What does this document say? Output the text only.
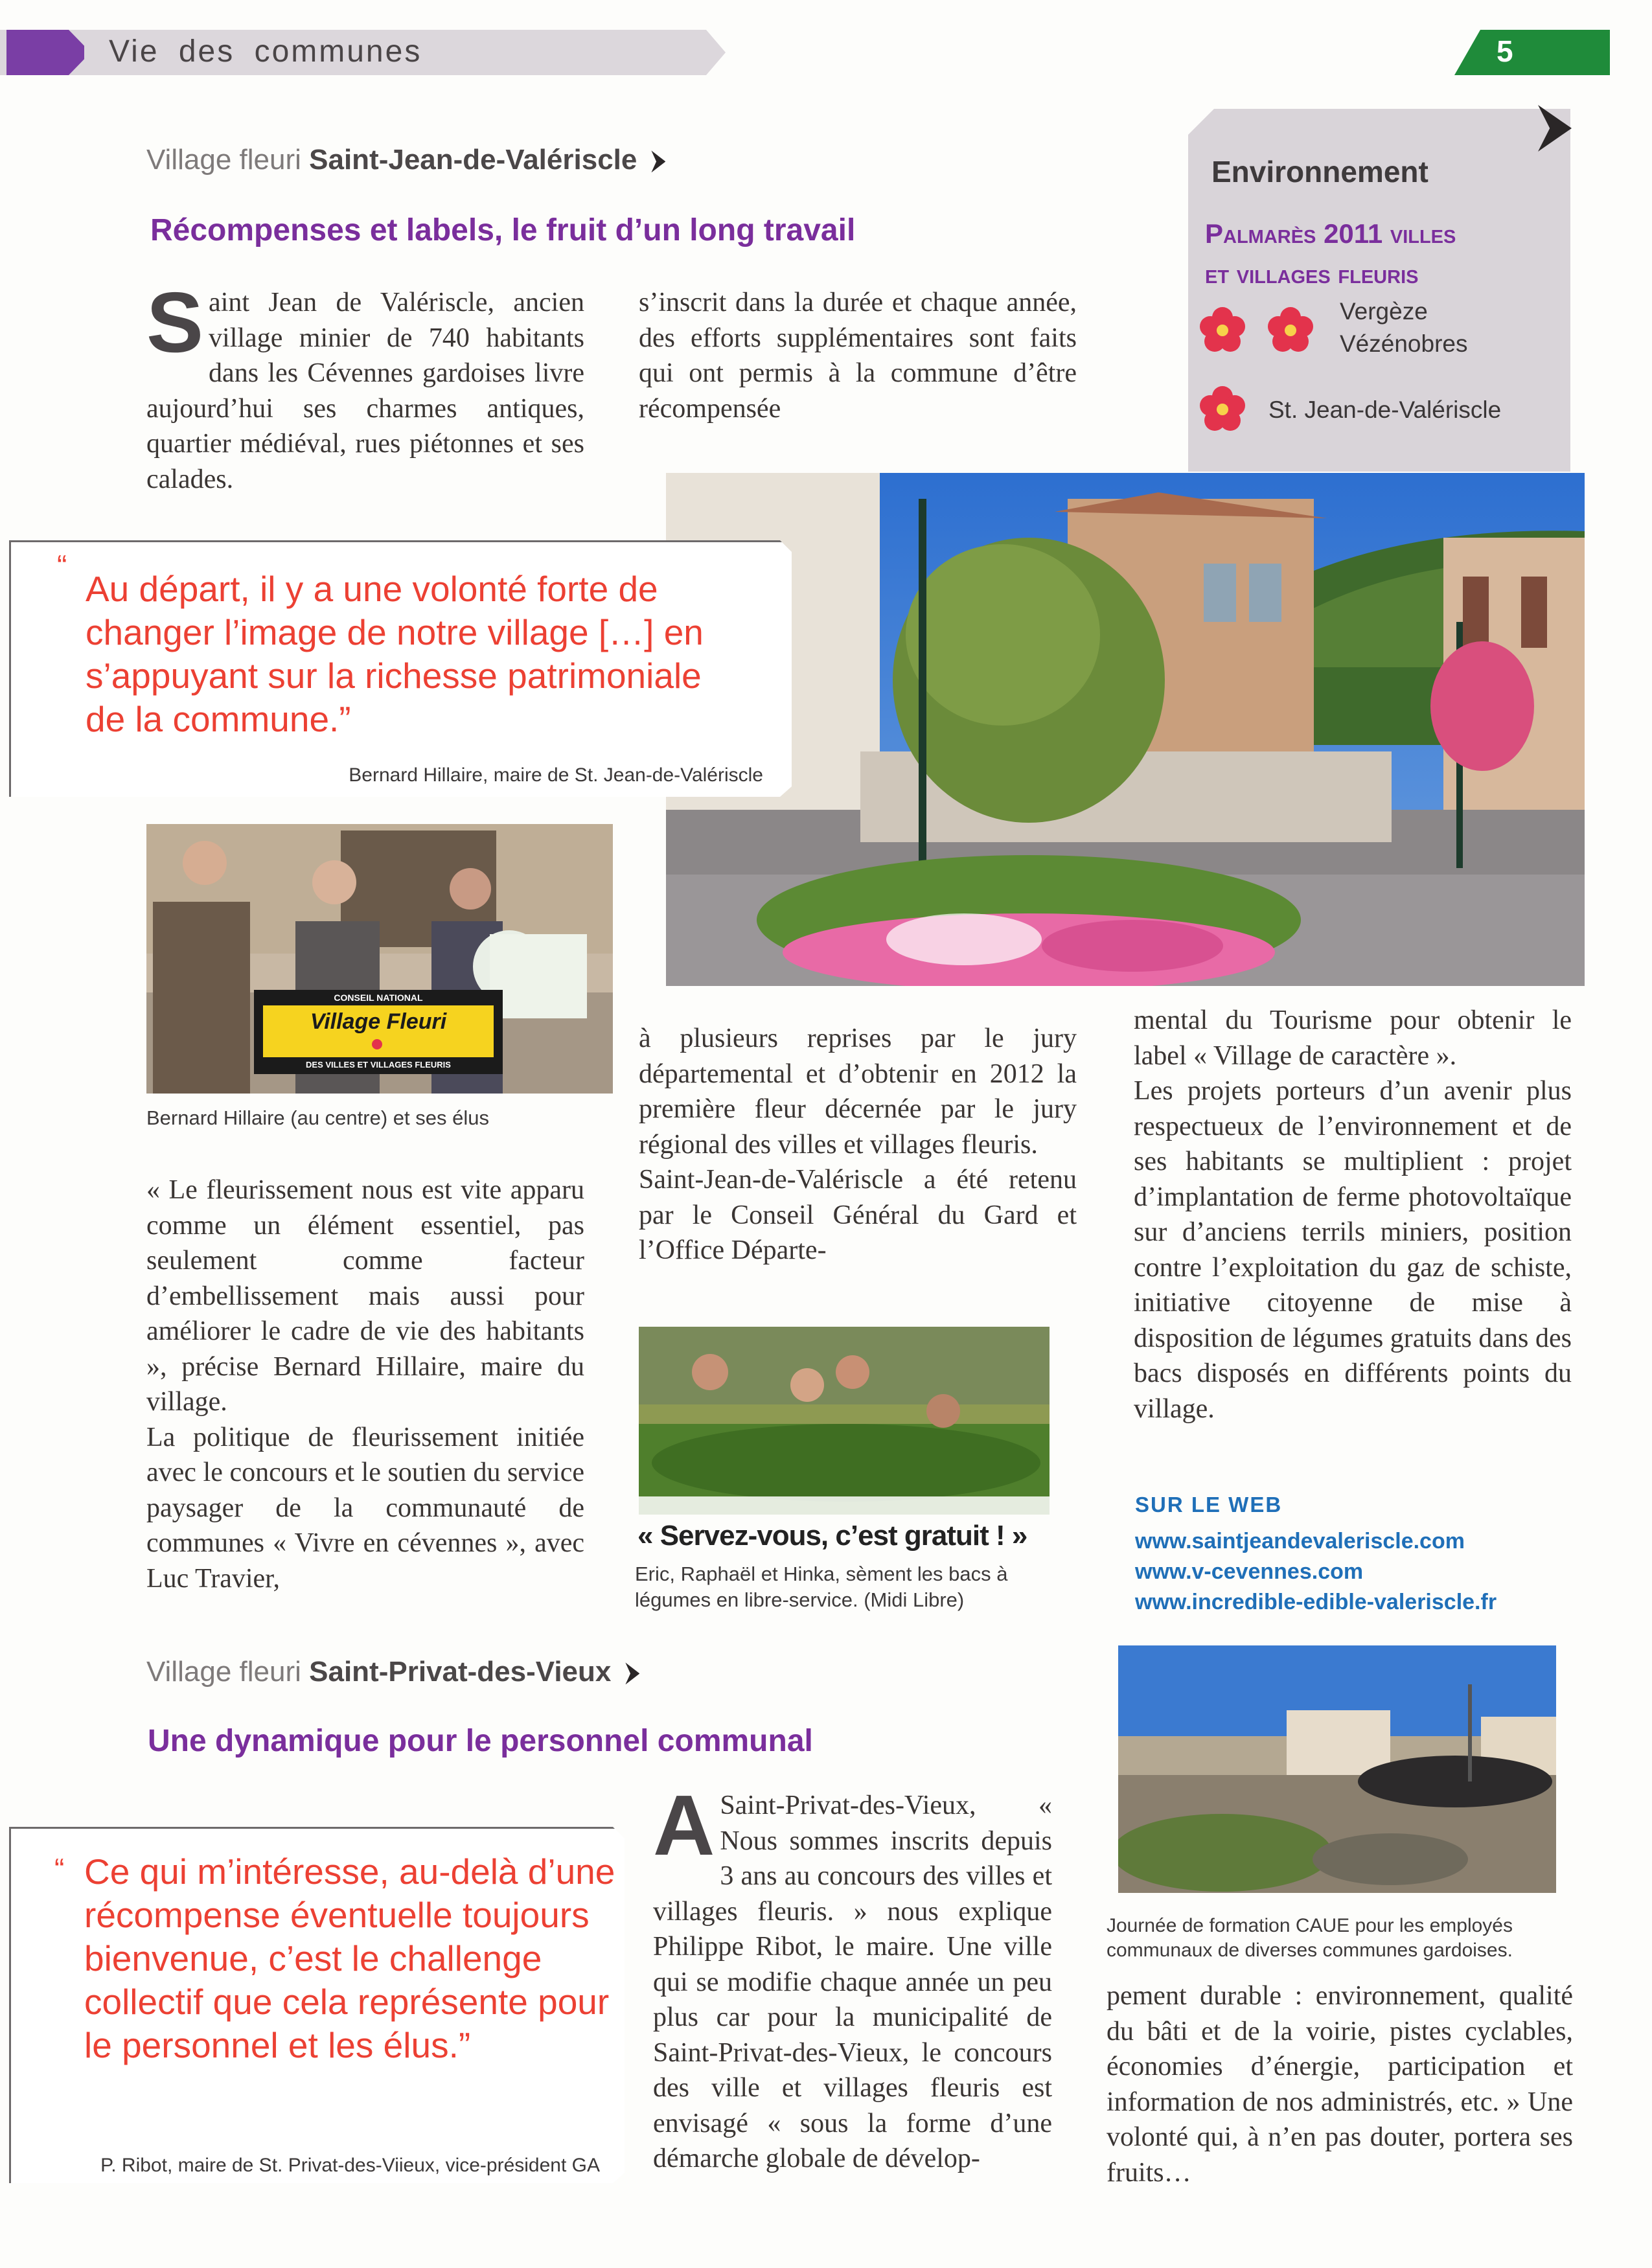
Vie des communes	5
Village fleuri Saint-Jean-de-Valériscle
Récompenses et labels, le fruit d’un long travail
S aint Jean de Valériscle, ancien village minier de 740 habitants dans les Cévennes gardoises livre aujourd’hui ses charmes antiques, quartier médiéval, rues piétonnes et ses calades.
s’inscrit dans la durée et chaque année, des efforts supplémentaires sont faits qui ont permis à la commune d’être récompensée
Environnement
Palmarès 2011 villes
et villages fleuris
Vergèze
Vézénobres
St. Jean-de-Valériscle
“
Au départ, il y a une volonté forte de changer l’image de notre village […] en s’appuyant sur la richesse patrimoniale de la commune.”
Bernard Hillaire, maire de St. Jean-de-Valériscle
CONSEIL NATIONAL
Village Fleuri
DES VILLES ET VILLAGES FLEURIS
Bernard Hillaire (au centre) et ses élus

« Le fleurissement nous est vite apparu comme un élément essentiel, pas seulement comme facteur d’embellissement mais aussi pour améliorer le cadre de vie des habitants », précise Bernard Hillaire, maire du village.

La politique de fleurissement initiée avec le concours et le soutien du service paysager de la communauté de communes « Vivre en cévennes », avec Luc Travier,

à plusieurs reprises par le jury départemental et d’obtenir en 2012 la première fleur décernée par le jury régional des villes et villages fleuris.

Saint-Jean-de-Valériscle a été retenu par le Conseil Général du Gard et l’Office Départe-

« Servez-vous, c’est gratuit ! »
Eric, Raphaël et Hinka, sèment les bacs à légumes en libre-service. (Midi Libre)

mental du Tourisme pour obtenir le label « Village de caractère ».

Les projets porteurs d’un avenir plus respectueux de l’environnement et de ses habitants se multiplient : projet d’implantation de ferme photovoltaïque sur d’anciens terrils miniers, position contre l’exploitation du gaz de schiste, initiative citoyenne de mise à disposition de légumes gratuits dans des bacs disposés en différents points du village.

SUR LE WEB
www.saintjeandevaleriscle.com
www.v-cevennes.com
www.incredible-edible-valeriscle.fr
Village fleuri Saint-Privat-des-Vieux
Une dynamique pour le personnel communal
“ Ce qui m’intéresse, au-delà d’une récompense éventuelle toujours bienvenue, c’est le challenge collectif que cela représente pour le personnel et les élus.”
P. Ribot, maire de St. Privat-des-Viieux, vice-président GA
A Saint-Privat-des-Vieux, « Nous sommes inscrits depuis 3 ans au concours des villes et villages fleuris. » nous explique Philippe Ribot, le maire. Une ville qui se modifie chaque année un peu plus car pour la municipalité de Saint-Privat-des-Vieux, le concours des ville et villages fleuris est envisagé « sous la forme d’une démarche globale de dévelop-
Journée de formation CAUE pour les employés communaux de diverses communes gardoises.
pement durable : environnement, qualité du bâti et de la voirie, pistes cyclables, économies d’énergie, participation et information de nos administrés, etc. » Une volonté qui, à n’en pas douter, portera ses fruits…
